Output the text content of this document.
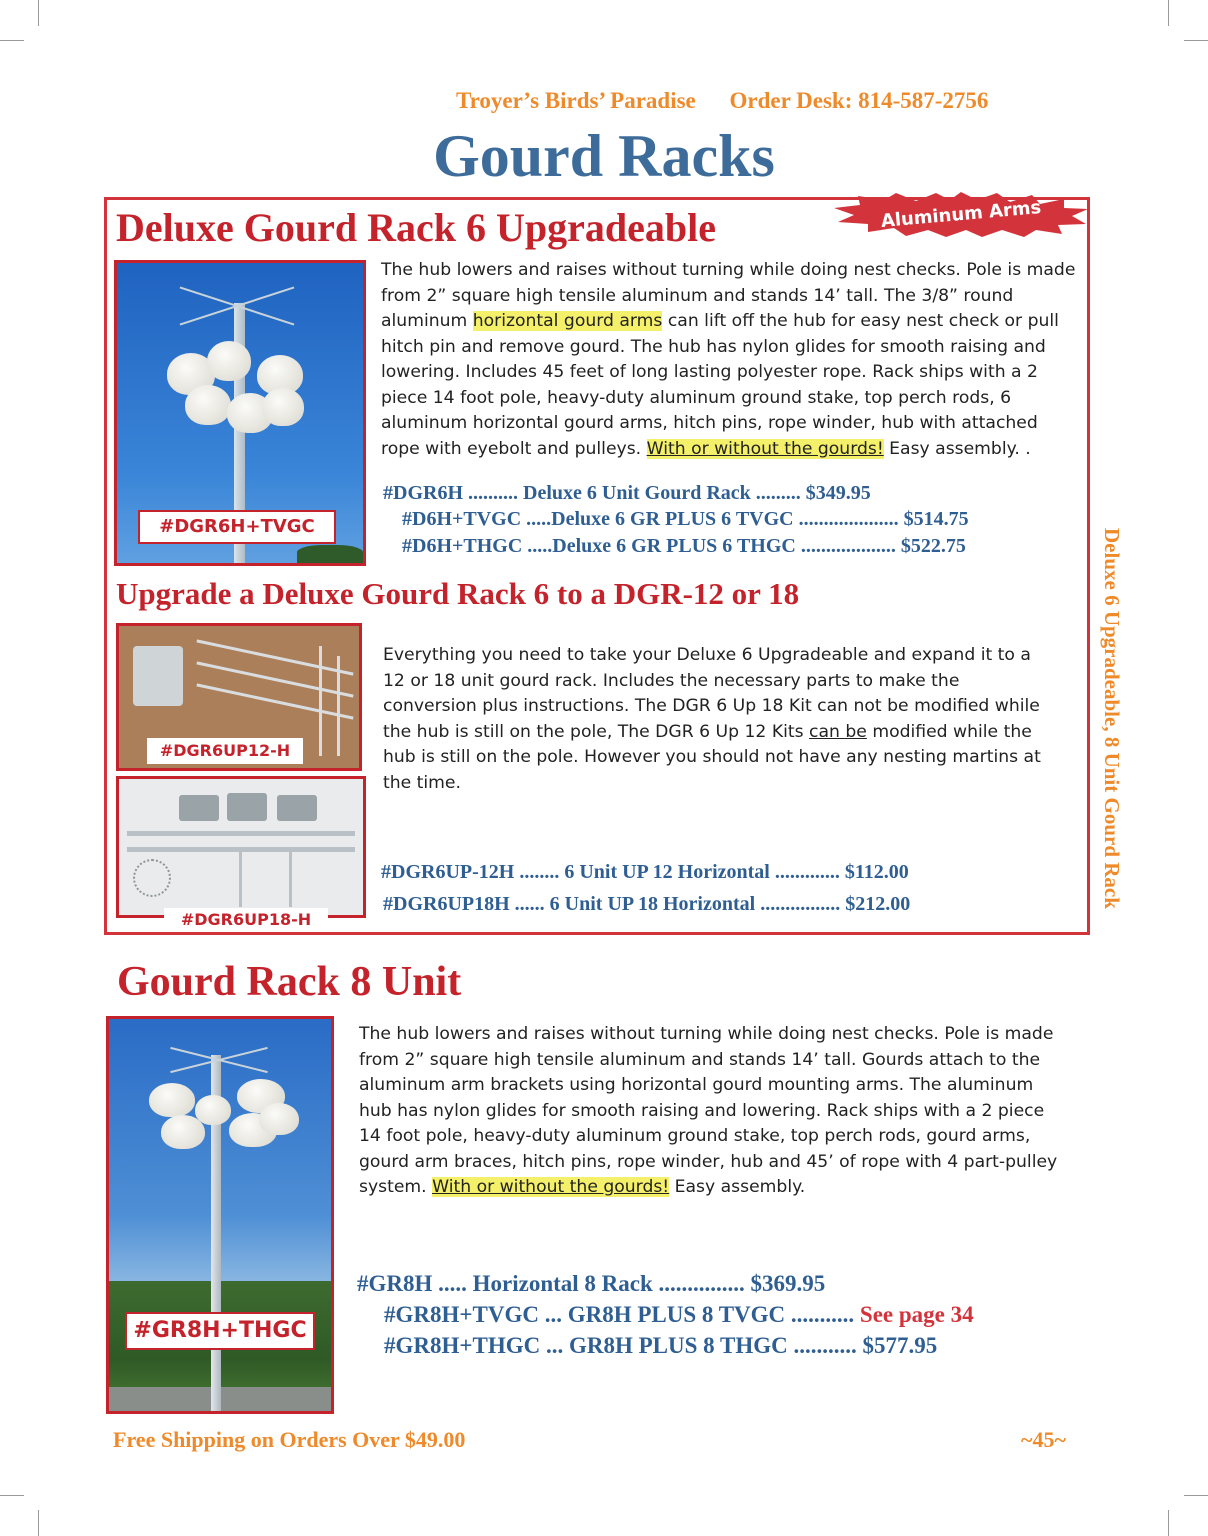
Troyer’s Birds’ Paradise Order Desk: 814-587-2756
Gourd Racks
Aluminum Arms
Deluxe Gourd Rack 6 Upgradeable
#DGR6H+TVGC
The hub lowers and raises without turning while doing nest checks. Pole is made from 2” square high tensile aluminum and stands 14’ tall. The 3/8” round aluminum horizontal gourd arms can lift off the hub for easy nest check or pull hitch pin and remove gourd. The hub has nylon glides for smooth raising and lowering. Includes 45 feet of long lasting polyester rope. Rack ships with a 2 piece 14 foot pole, heavy-duty aluminum ground stake, top perch rods, 6 aluminum horizontal gourd arms, hitch pins, rope winder, hub with attached rope with eyebolt and pulleys. With or without the gourds! Easy assembly. .
#DGR6H .......... Deluxe 6 Unit Gourd Rack ......... $349.95
#D6H+TVGC .....Deluxe 6 GR PLUS 6 TVGC .................... $514.75
#D6H+THGC .....Deluxe 6 GR PLUS 6 THGC ................... $522.75
Upgrade a Deluxe Gourd Rack 6 to a DGR-12 or 18
#DGR6UP12-H
#DGR6UP18-H
Everything you need to take your Deluxe 6 Upgradeable and expand it to a 12 or 18 unit gourd rack. Includes the necessary parts to make the conversion plus instructions. The DGR 6 Up 18 Kit can not be modified while the hub is still on the pole, The DGR 6 Up 12 Kits can be modified while the hub is still on the pole. However you should not have any nesting martins at the time.
#DGR6UP-12H ........ 6 Unit UP 12 Horizontal ............. $112.00
#DGR6UP18H ...... 6 Unit UP 18 Horizontal ................ $212.00	Deluxe 6 Upgradeable, 8 Unit Gourd Rack
Gourd Rack 8 Unit
#GR8H+THGC
The hub lowers and raises without turning while doing nest checks. Pole is made from 2” square high tensile aluminum and stands 14’ tall. Gourds attach to the aluminum arm brackets using horizontal gourd mounting arms. The aluminum hub has nylon glides for smooth raising and lowering. Rack ships with a 2 piece 14 foot pole, heavy-duty aluminum ground stake, top perch rods, gourd arms, gourd arm braces, hitch pins, rope winder, hub and 45’ of rope with 4 part-pulley system. With or without the gourds! Easy assembly.
#GR8H ..... Horizontal 8 Rack ............... $369.95
#GR8H+TVGC ... GR8H PLUS 8 TVGC ........... See page 34
#GR8H+THGC ... GR8H PLUS 8 THGC ........... $577.95
Free Shipping on Orders Over $49.00	~45~
